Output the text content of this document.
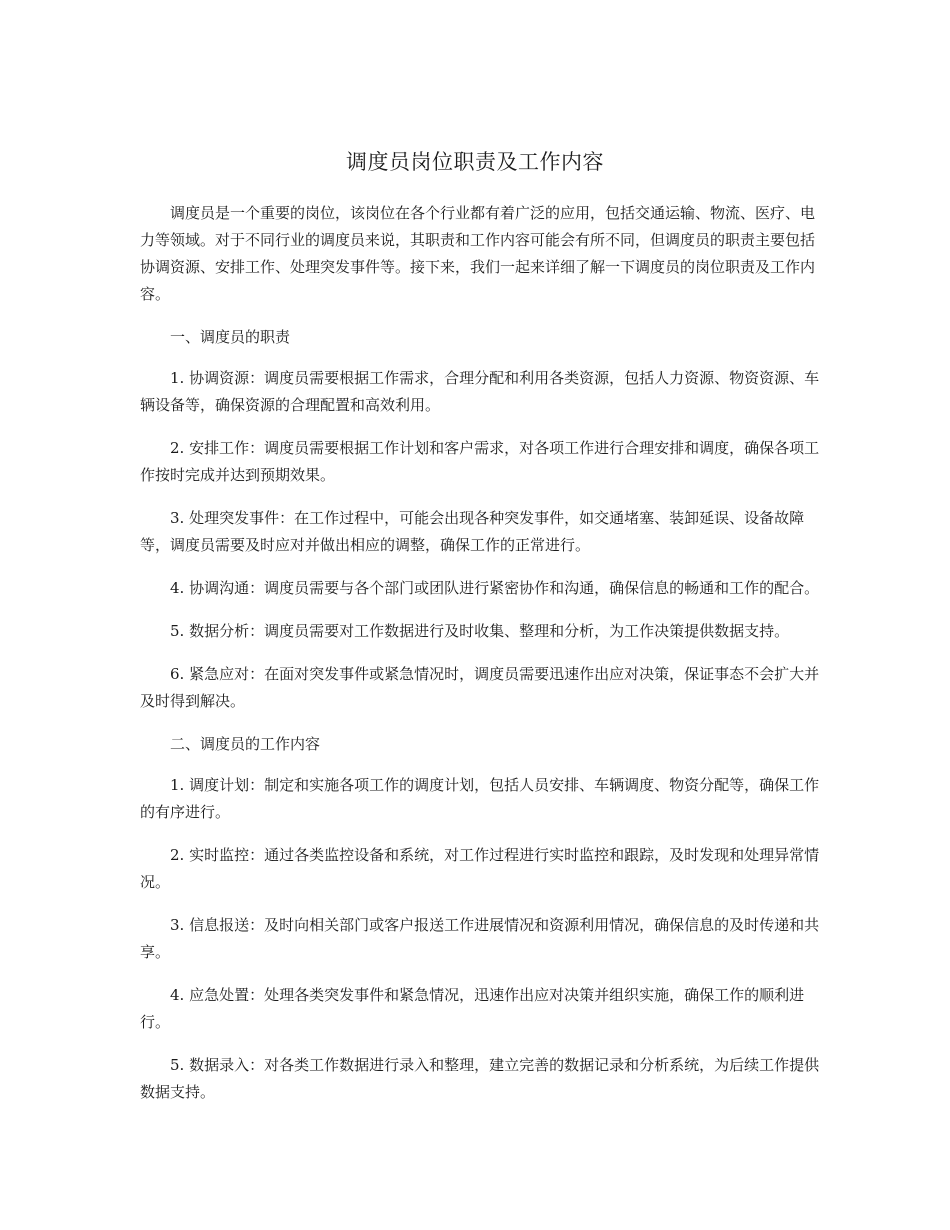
调度员岗位职责及工作内容

调度员是一个重要的岗位，该岗位在各个行业都有着广泛的应用，包括交通运输、物流、医疗、电力等领域。对于不同行业的调度员来说，其职责和工作内容可能会有所不同，但调度员的职责主要包括协调资源、安排工作、处理突发事件等。接下来，我们一起来详细了解一下调度员的岗位职责及工作内容。

一、调度员的职责

1. 协调资源：调度员需要根据工作需求，合理分配和利用各类资源，包括人力资源、物资资源、车辆设备等，确保资源的合理配置和高效利用。

2. 安排工作：调度员需要根据工作计划和客户需求，对各项工作进行合理安排和调度，确保各项工作按时完成并达到预期效果。

3. 处理突发事件：在工作过程中，可能会出现各种突发事件，如交通堵塞、装卸延误、设备故障等，调度员需要及时应对并做出相应的调整，确保工作的正常进行。

4. 协调沟通：调度员需要与各个部门或团队进行紧密协作和沟通，确保信息的畅通和工作的配合。

5. 数据分析：调度员需要对工作数据进行及时收集、整理和分析，为工作决策提供数据支持。

6. 紧急应对：在面对突发事件或紧急情况时，调度员需要迅速作出应对决策，保证事态不会扩大并及时得到解决。

二、调度员的工作内容

1. 调度计划：制定和实施各项工作的调度计划，包括人员安排、车辆调度、物资分配等，确保工作的有序进行。

2. 实时监控：通过各类监控设备和系统，对工作过程进行实时监控和跟踪，及时发现和处理异常情况。

3. 信息报送：及时向相关部门或客户报送工作进展情况和资源利用情况，确保信息的及时传递和共享。

4. 应急处置：处理各类突发事件和紧急情况，迅速作出应对决策并组织实施，确保工作的顺利进行。

5. 数据录入：对各类工作数据进行录入和整理，建立完善的数据记录和分析系统，为后续工作提供数据支持。
